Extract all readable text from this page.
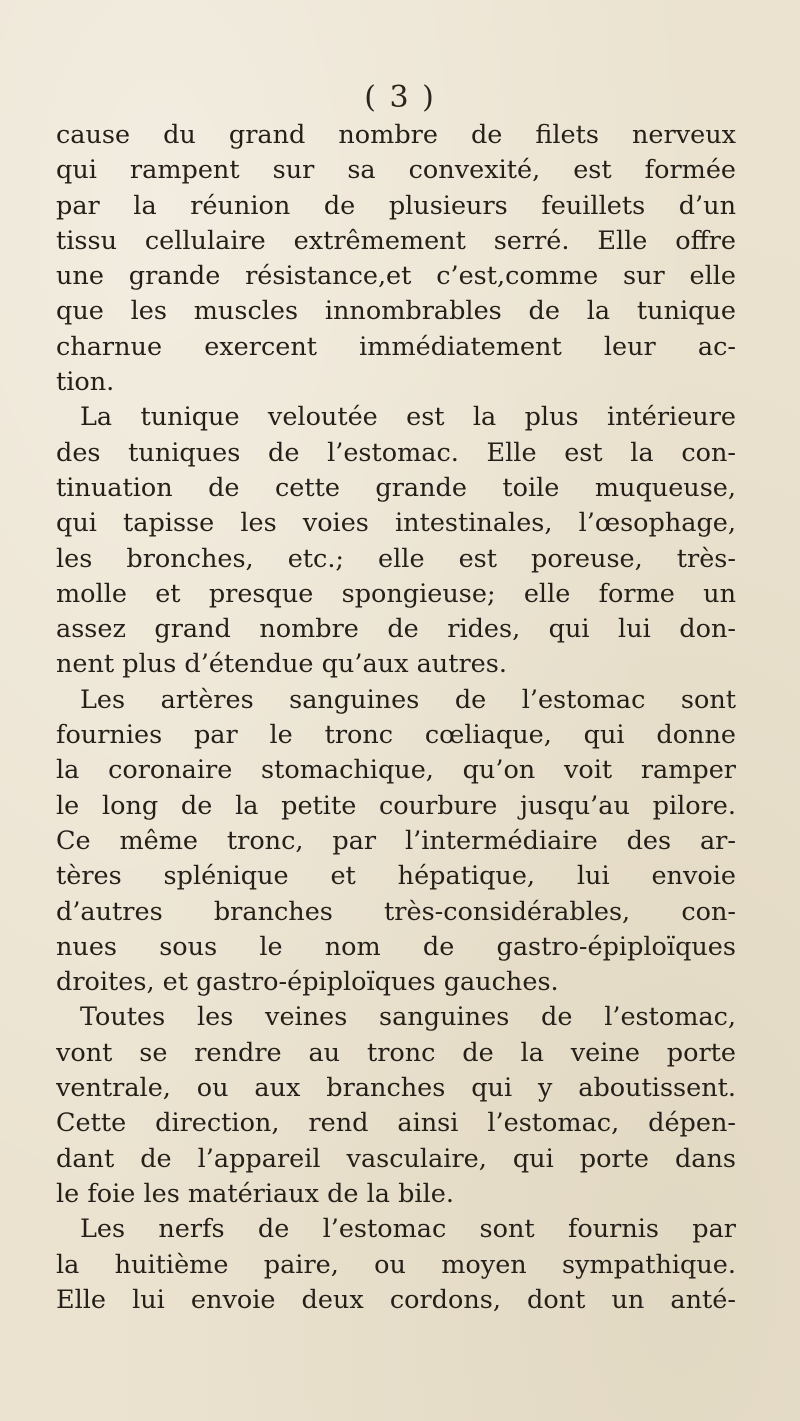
( 3 )
cause du grand nombre de filets nerveux
qui rampent sur sa convexité, est formée
par la réunion de plusieurs feuillets d’un
tissu cellulaire extrêmement serré. Elle offre
une grande résistance,et c’est,comme sur elle
que les muscles innombrables de la tunique
charnue exercent immédiatement leur ac-
tion.
La tunique veloutée est la plus intérieure
des tuniques de l’estomac. Elle est la con-
tinuation de cette grande toile muqueuse,
qui tapisse les voies intestinales, l’œsophage,
les bronches, etc.; elle est poreuse, très-
molle et presque spongieuse; elle forme un
assez grand nombre de rides, qui lui don-
nent plus d’étendue qu’aux autres.
Les artères sanguines de l’estomac sont
fournies par le tronc cœliaque, qui donne
la coronaire stomachique, qu’on voit ramper
le long de la petite courbure jusqu’au pilore.
Ce même tronc, par l’intermédiaire des ar-
tères splénique et hépatique, lui envoie
d’autres branches très-considérables, con-
nues sous le nom de gastro-épiploïques
droites, et gastro-épiploïques gauches.
Toutes les veines sanguines de l’estomac,
vont se rendre au tronc de la veine porte
ventrale, ou aux branches qui y aboutissent.
Cette direction, rend ainsi l’estomac, dépen-
dant de l’appareil vasculaire, qui porte dans
le foie les matériaux de la bile.
Les nerfs de l’estomac sont fournis par
la huitième paire, ou moyen sympathique.
Elle lui envoie deux cordons, dont un anté-
